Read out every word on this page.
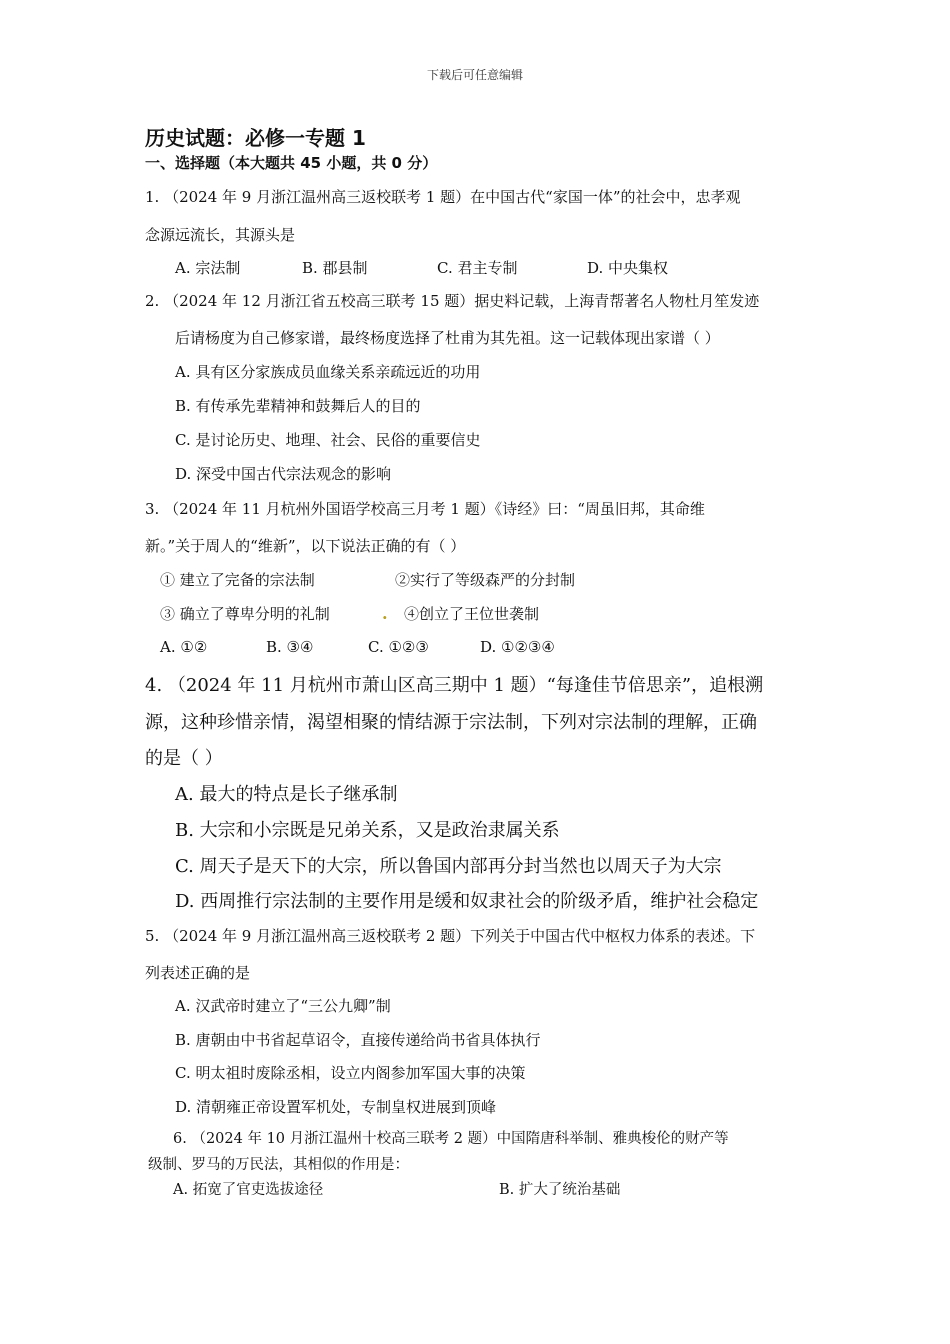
下载后可任意编辑
历史试题：必修一专题 1
一、选择题（本大题共 45 小题，共 0 分）
1. （2024 年 9 月浙江温州高三返校联考 1 题）在中国古代“家国一体”的社会中，忠孝观
念源远流长，其源头是
A. 宗法制	B. 郡县制	C. 君主专制	D. 中央集权
2. （2024 年 12 月浙江省五校高三联考 15 题）据史料记载，上海青帮著名人物杜月笙发迹
后请杨度为自己修家谱，最终杨度选择了杜甫为其先祖。这一记载体现出家谱（ ）
A. 具有区分家族成员血缘关系亲疏远近的功用
B. 有传承先辈精神和鼓舞后人的目的
C. 是讨论历史、地理、社会、民俗的重要信史
D. 深受中国古代宗法观念的影响
3. （2024 年 11 月杭州外国语学校高三月考 1 题）《诗经》曰：“周虽旧邦，其命维
新。”关于周人的“维新”，以下说法正确的有（ ）
① 建立了完备的宗法制	②实行了等级森严的分封制
③ 确立了尊卑分明的礼制	. ④创立了王位世袭制
A. ①②	B. ③④	C. ①②③	D. ①②③④
4. （2024 年 11 月杭州市萧山区高三期中 1 题）“每逢佳节倍思亲”，追根溯
源，这种珍惜亲情，渴望相聚的情结源于宗法制，下列对宗法制的理解，正确
的是（ ）
A. 最大的特点是长子继承制
B. 大宗和小宗既是兄弟关系，又是政治隶属关系
C. 周天子是天下的大宗，所以鲁国内部再分封当然也以周天子为大宗
D. 西周推行宗法制的主要作用是缓和奴隶社会的阶级矛盾，维护社会稳定
5. （2024 年 9 月浙江温州高三返校联考 2 题）下列关于中国古代中枢权力体系的表述。下
列表述正确的是
A. 汉武帝时建立了“三公九卿”制
B. 唐朝由中书省起草诏令，直接传递给尚书省具体执行
C. 明太祖时废除丞相，设立内阁参加军国大事的决策
D. 清朝雍正帝设置军机处，专制皇权进展到顶峰
6. （2024 年 10 月浙江温州十校高三联考 2 题）中国隋唐科举制、雅典梭伦的财产等
级制、罗马的万民法，其相似的作用是：
A. 拓宽了官吏选拔途径	B. 扩大了统治基础
